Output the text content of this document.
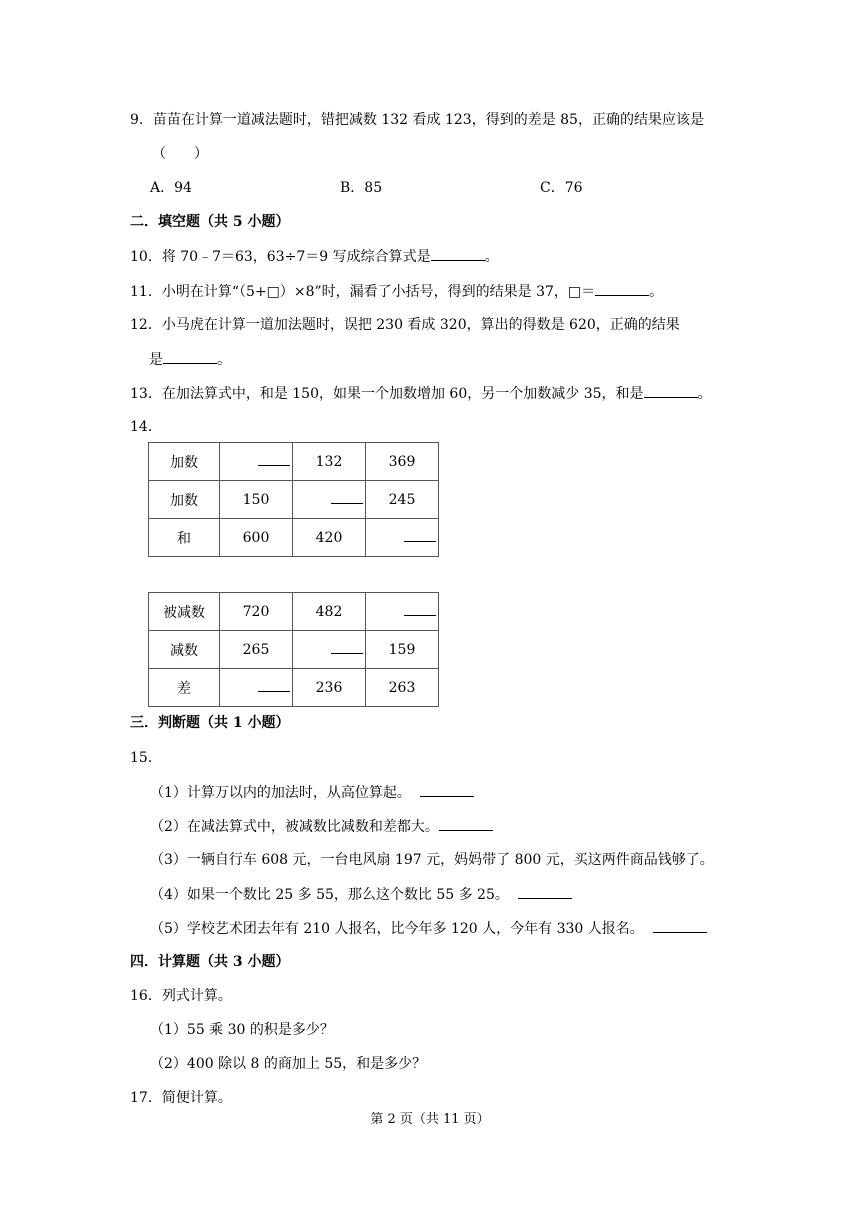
9．苗苗在计算一道减法题时，错把减数 132 看成 123，得到的差是 85，正确的结果应该是
（　　）
A．94	B．85	C．76
二．填空题（共 5 小题）
10．将 70﹣7＝63，63÷7＝9 写成综合算式是	。
11．小明在计算“（5+□）×8”时，漏看了小括号，得到的结果是 37，□＝	。
12．小马虎在计算一道加法题时，误把 230 看成 320，算出的得数是 620，正确的结果
是	。
13．在加法算式中，和是 150，如果一个加数增加 60，另一个加数减少 35，和是	。
14．
加数		132	369
加数	150		245
和	600	420	
被减数	720	482	
减数	265		159
差		236	263
三．判断题（共 1 小题）
15．
（1）计算万以内的加法时，从高位算起。
（2）在减法算式中，被减数比减数和差都大。
（3）一辆自行车 608 元，一台电风扇 197 元，妈妈带了 800 元，买这两件商品钱够了。
（4）如果一个数比 25 多 55，那么这个数比 55 多 25。
（5）学校艺术团去年有 210 人报名，比今年多 120 人，今年有 330 人报名。
四．计算题（共 3 小题）
16．列式计算。
（1）55 乘 30 的积是多少？
（2）400 除以 8 的商加上 55，和是多少？
17．简便计算。
第 2 页（共 11 页）
